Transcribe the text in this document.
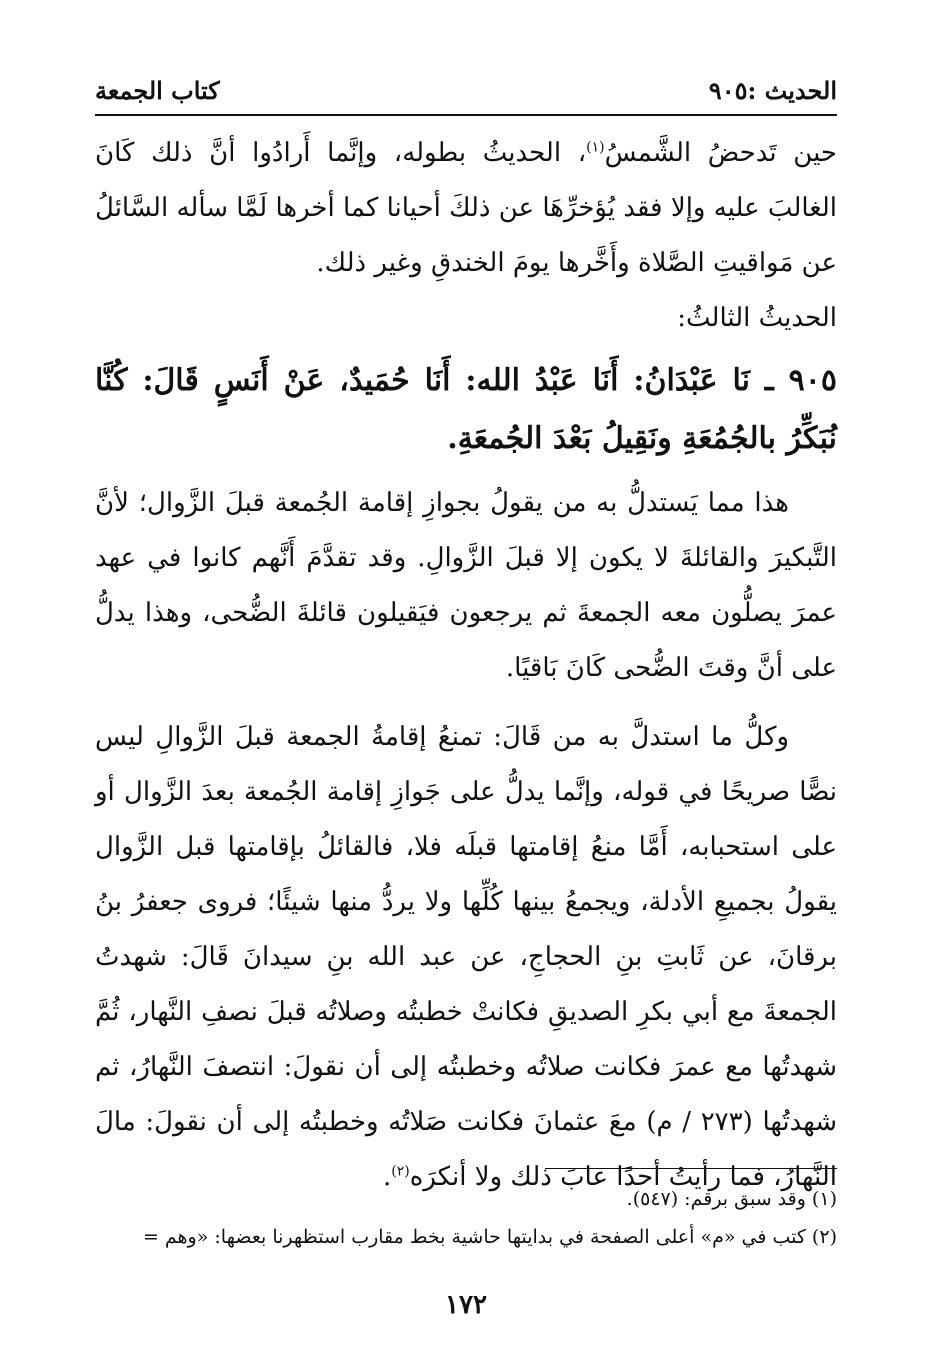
الحديث :٩٠٥
كتاب الجمعة

حين تَدحضُ الشَّمسُ$^{(١)}$، الحديثُ بطوله، وإنَّما أَرادُوا أنَّ ذلك كَانَ الغالبَ عليه وإلا فقد يُؤخرِّهَا عن ذلكَ أحيانا كما أخرها لَمَّا سأله السَّائلُ عن مَواقيتِ الصَّلاة وأَخَّرها يومَ الخندقِ وغير ذلك.

الحديثُ الثالثُ:

٩٠٥ ـ نَا عَبْدَانُ: أَنَا عَبْدُ الله: أَنَا حُمَيدٌ، عَنْ أَنَسٍ قَالَ: كُنَّا نُبَكِّرُ بالجُمُعَةِ ونَقِيلُ بَعْدَ الجُمعَةِ.

هذا مما يَستدلُّ به من يقولُ بجوازِ إقامة الجُمعة قبلَ الزَّوال؛ لأنَّ التَّبكيرَ والقائلةَ لا يكون إلا قبلَ الزَّوالِ. وقد تقدَّمَ أَنَّهم كانوا في عهد عمرَ يصلُّون معه الجمعةَ ثم يرجعون فيَقيلون قائلةَ الضُّحى، وهذا يدلُّ على أنَّ وقتَ الضُّحى كَانَ بَاقيًا.

وكلُّ ما استدلَّ به من قَالَ: تمنعُ إقامةُ الجمعة قبلَ الزَّوالِ ليس نصًّا صريحًا في قوله، وإنَّما يدلُّ على جَوازِ إقامة الجُمعة بعدَ الزَّوال أو على استحبابه، أَمَّا منعُ إقامتها قبلَه فلا، فالقائلُ بإقامتها قبل الزَّوال يقولُ بجميعِ الأدلة، ويجمعُ بينها كُلِّها ولا يردُّ منها شيئًا؛ فروى جعفرُ بنُ برقانَ، عن ثَابتِ بنِ الحجاجِ، عن عبد الله بنِ سيدانَ قَالَ: شهدتُ الجمعةَ مع أبي بكرِ الصديقِ فكانتْ خطبتُه وصلاتُه قبلَ نصفِ النَّهار، ثُمَّ شهدتُها مع عمرَ فكانت صلاتُه وخطبتُه إلى أن نقولَ: انتصفَ النَّهارُ، ثم شهدتُها (٢٧٣ / م) معَ عثمانَ فكانت صَلاتُه وخطبتُه إلى أن نقولَ: مالَ النَّهارُ، فما رأيتُ أحدًا عابَ ذلك ولا أنكرَه$^{(٢)}$.

(١) وقد سبق برقم: (٥٤٧).

(٢) كتب في «م» أعلى الصفحة في بدايتها حاشية بخط مقارب استظهرنا بعضها: «وهم =

١٧٢
